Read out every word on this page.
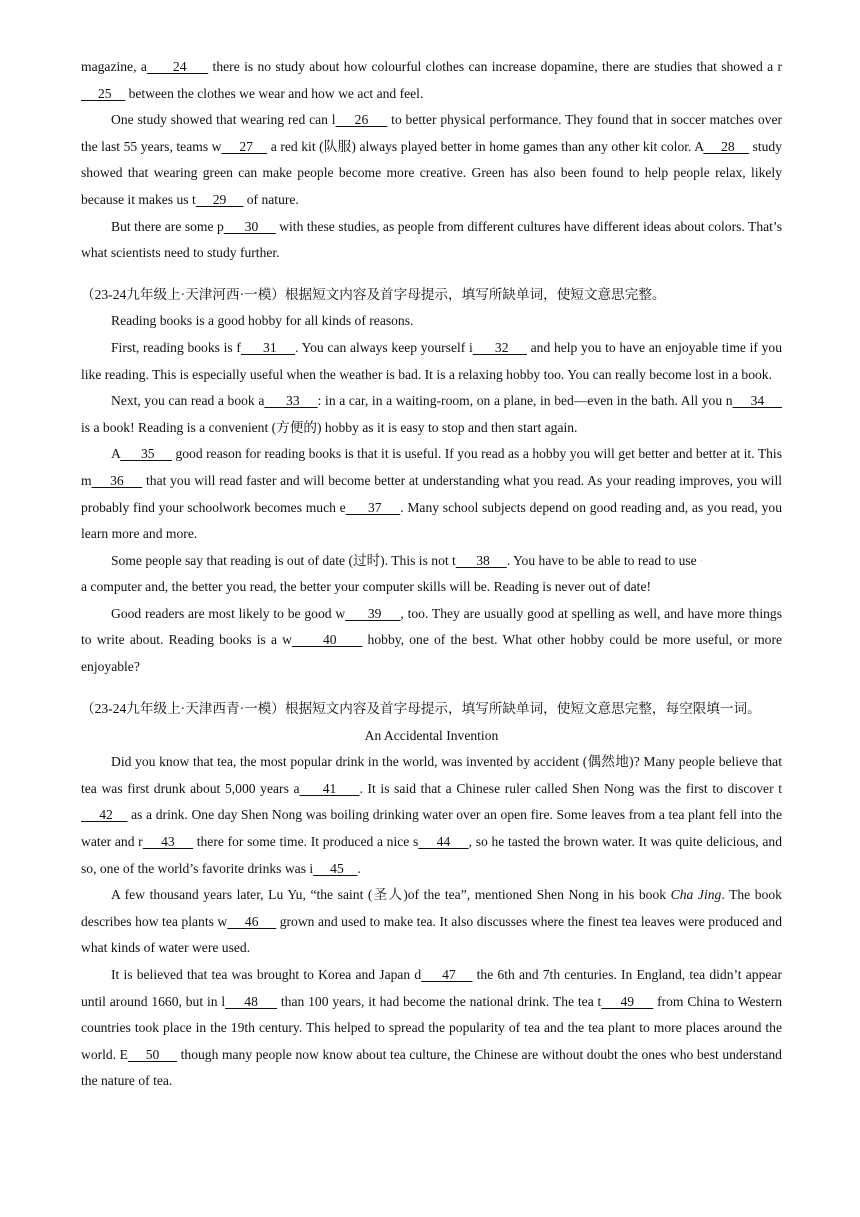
magazine, a      24      there is no study about how colourful clothes can increase dopamine, there are studies that showed a r     25     between the clothes we wear and how we act and feel.

One study showed that wearing red can l     26      to better physical performance. They found that in soccer matches over the last 55 years, teams w     27     a red kit (队服) always played better in home games than any other kit color. A     28     study showed that wearing green can make people become more creative. Green has also been found to help people relax, likely because it makes us t     29      of nature.

But there are some p      30      with these studies, as people from different cultures have different ideas about colors. That’s what scientists need to study further.

（23-24九年级上·天津河西·一模）根据短文内容及首字母提示，填写所缺单词，使短文意思完整。

Reading books is a good hobby for all kinds of reasons.

First, reading books is f      31     . You can always keep yourself i      32      and help you to have an enjoyable time if you like reading. This is especially useful when the weather is bad. It is a relaxing hobby too. You can really become lost in a book.

Next, you can read a book a      33     : in a car, in a waiting-room, on a plane, in bed—even in the bath. All you n     34      is a book! Reading is a convenient (方便的) hobby as it is easy to stop and then start again.

A      35      good reason for reading books is that it is useful. If you read as a hobby you will get better and better at it. This m     36      that you will read faster and will become better at understanding what you read. As your reading improves, you will probably find your schoolwork becomes much e      37     . Many school subjects depend on good reading and, as you read, you learn more and more.

Some people say that reading is out of date (过时). This is not t      38     . You have to be able to read to use ·
a computer and, the better you read, the better your computer skills will be. Reading is never out of date!

Good readers are most likely to be good w      39     , too. They are usually good at spelling as well, and have more things to write about. Reading books is a w      40      hobby, one of the best. What other hobby could be more useful, or more enjoyable?

（23-24九年级上·天津西青·一模）根据短文内容及首字母提示，填写所缺单词，使短文意思完整，每空限填一词。

An Accidental Invention

Did you know that tea, the most popular drink in the world, was invented by accident (偶然地)? Many people believe that tea was first drunk about 5,000 years a     41     . It is said that a Chinese ruler called Shen Nong was the first to discover t     42     as a drink. One day Shen Nong was boiling drinking water over an open fire. Some leaves from a tea plant fell into the water and r     43      there for some time. It produced a nice s     44     , so he tasted the brown water. It was quite delicious, and so, one of the world’s favorite drinks was i     45    .

A few thousand years later, Lu Yu, “the saint (圣人)of the tea”, mentioned Shen Nong in his book Cha Jing. The book describes how tea plants w     46      grown and used to make tea. It also discusses where the finest tea leaves were produced and what kinds of water were used.

It is believed that tea was brought to Korea and Japan d     47     the 6th and 7th centuries. In England, tea didn’t appear until around 1660, but in l     48      than 100 years, it had become the national drink. The tea t     49      from China to Western countries took place in the 19th century. This helped to spread the popularity of tea and the tea plant to more places around the world. E     50      though many people now know about tea culture, the Chinese are without doubt the ones who best understand the nature of tea.
